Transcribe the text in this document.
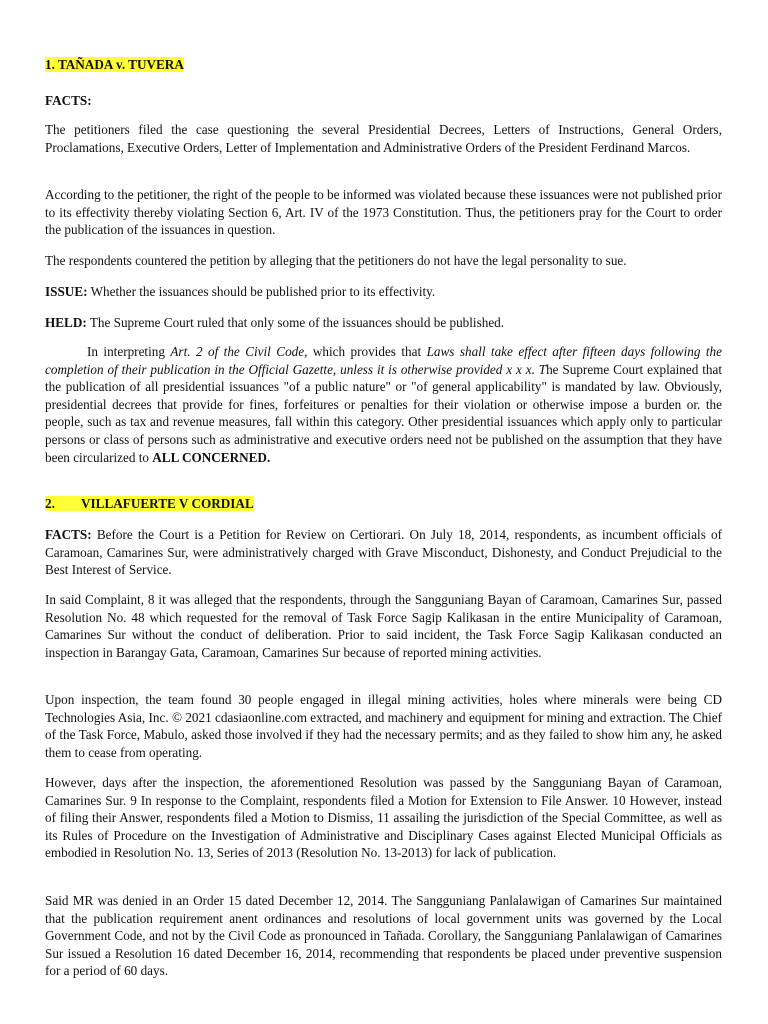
1. TAÑADA v. TUVERA
FACTS:

The petitioners filed the case questioning the several Presidential Decrees, Letters of Instructions, General Orders, Proclamations, Executive Orders, Letter of Implementation and Administrative Orders of the President Ferdinand Marcos.

According to the petitioner, the right of the people to be informed was violated because these issuances were not published prior to its effectivity thereby violating Section 6, Art. IV of the 1973 Constitution. Thus, the petitioners pray for the Court to order the publication of the issuances in question.

The respondents countered the petition by alleging that the petitioners do not have the legal personality to sue.

ISSUE: Whether the issuances should be published prior to its effectivity.

HELD: The Supreme Court ruled that only some of the issuances should be published.

In interpreting Art. 2 of the Civil Code, which provides that Laws shall take effect after fifteen days following the completion of their publication in the Official Gazette, unless it is otherwise provided x x x. The Supreme Court explained that the publication of all presidential issuances "of a public nature" or "of general applicability" is mandated by law. Obviously, presidential decrees that provide for fines, forfeitures or penalties for their violation or otherwise impose a burden or. the people, such as tax and revenue measures, fall within this category. Other presidential issuances which apply only to particular persons or class of persons such as administrative and executive orders need not be published on the assumption that they have been circularized to ALL CONCERNED.

2.        VILLAFUERTE V CORDIAL

FACTS: Before the Court is a Petition for Review on Certiorari. On July 18, 2014, respondents, as incumbent officials of Caramoan, Camarines Sur, were administratively charged with Grave Misconduct, Dishonesty, and Conduct Prejudicial to the Best Interest of Service.

In said Complaint, 8 it was alleged that the respondents, through the Sangguniang Bayan of Caramoan, Camarines Sur, passed Resolution No. 48 which requested for the removal of Task Force Sagip Kalikasan in the entire Municipality of Caramoan, Camarines Sur without the conduct of deliberation. Prior to said incident, the Task Force Sagip Kalikasan conducted an inspection in Barangay Gata, Caramoan, Camarines Sur because of reported mining activities.

Upon inspection, the team found 30 people engaged in illegal mining activities, holes where minerals were being CD Technologies Asia, Inc. © 2021 cdasiaonline.com extracted, and machinery and equipment for mining and extraction. The Chief of the Task Force, Mabulo, asked those involved if they had the necessary permits; and as they failed to show him any, he asked them to cease from operating.

However, days after the inspection, the aforementioned Resolution was passed by the Sangguniang Bayan of Caramoan, Camarines Sur. 9 In response to the Complaint, respondents filed a Motion for Extension to File Answer. 10 However, instead of filing their Answer, respondents filed a Motion to Dismiss, 11 assailing the jurisdiction of the Special Committee, as well as its Rules of Procedure on the Investigation of Administrative and Disciplinary Cases against Elected Municipal Officials as embodied in Resolution No. 13, Series of 2013 (Resolution No. 13-2013) for lack of publication.

Said MR was denied in an Order 15 dated December 12, 2014. The Sangguniang Panlalawigan of Camarines Sur maintained that the publication requirement anent ordinances and resolutions of local government units was governed by the Local Government Code, and not by the Civil Code as pronounced in Tañada. Corollary, the Sangguniang Panlalawigan of Camarines Sur issued a Resolution 16 dated December 16, 2014, recommending that respondents be placed under preventive suspension for a period of 60 days.
